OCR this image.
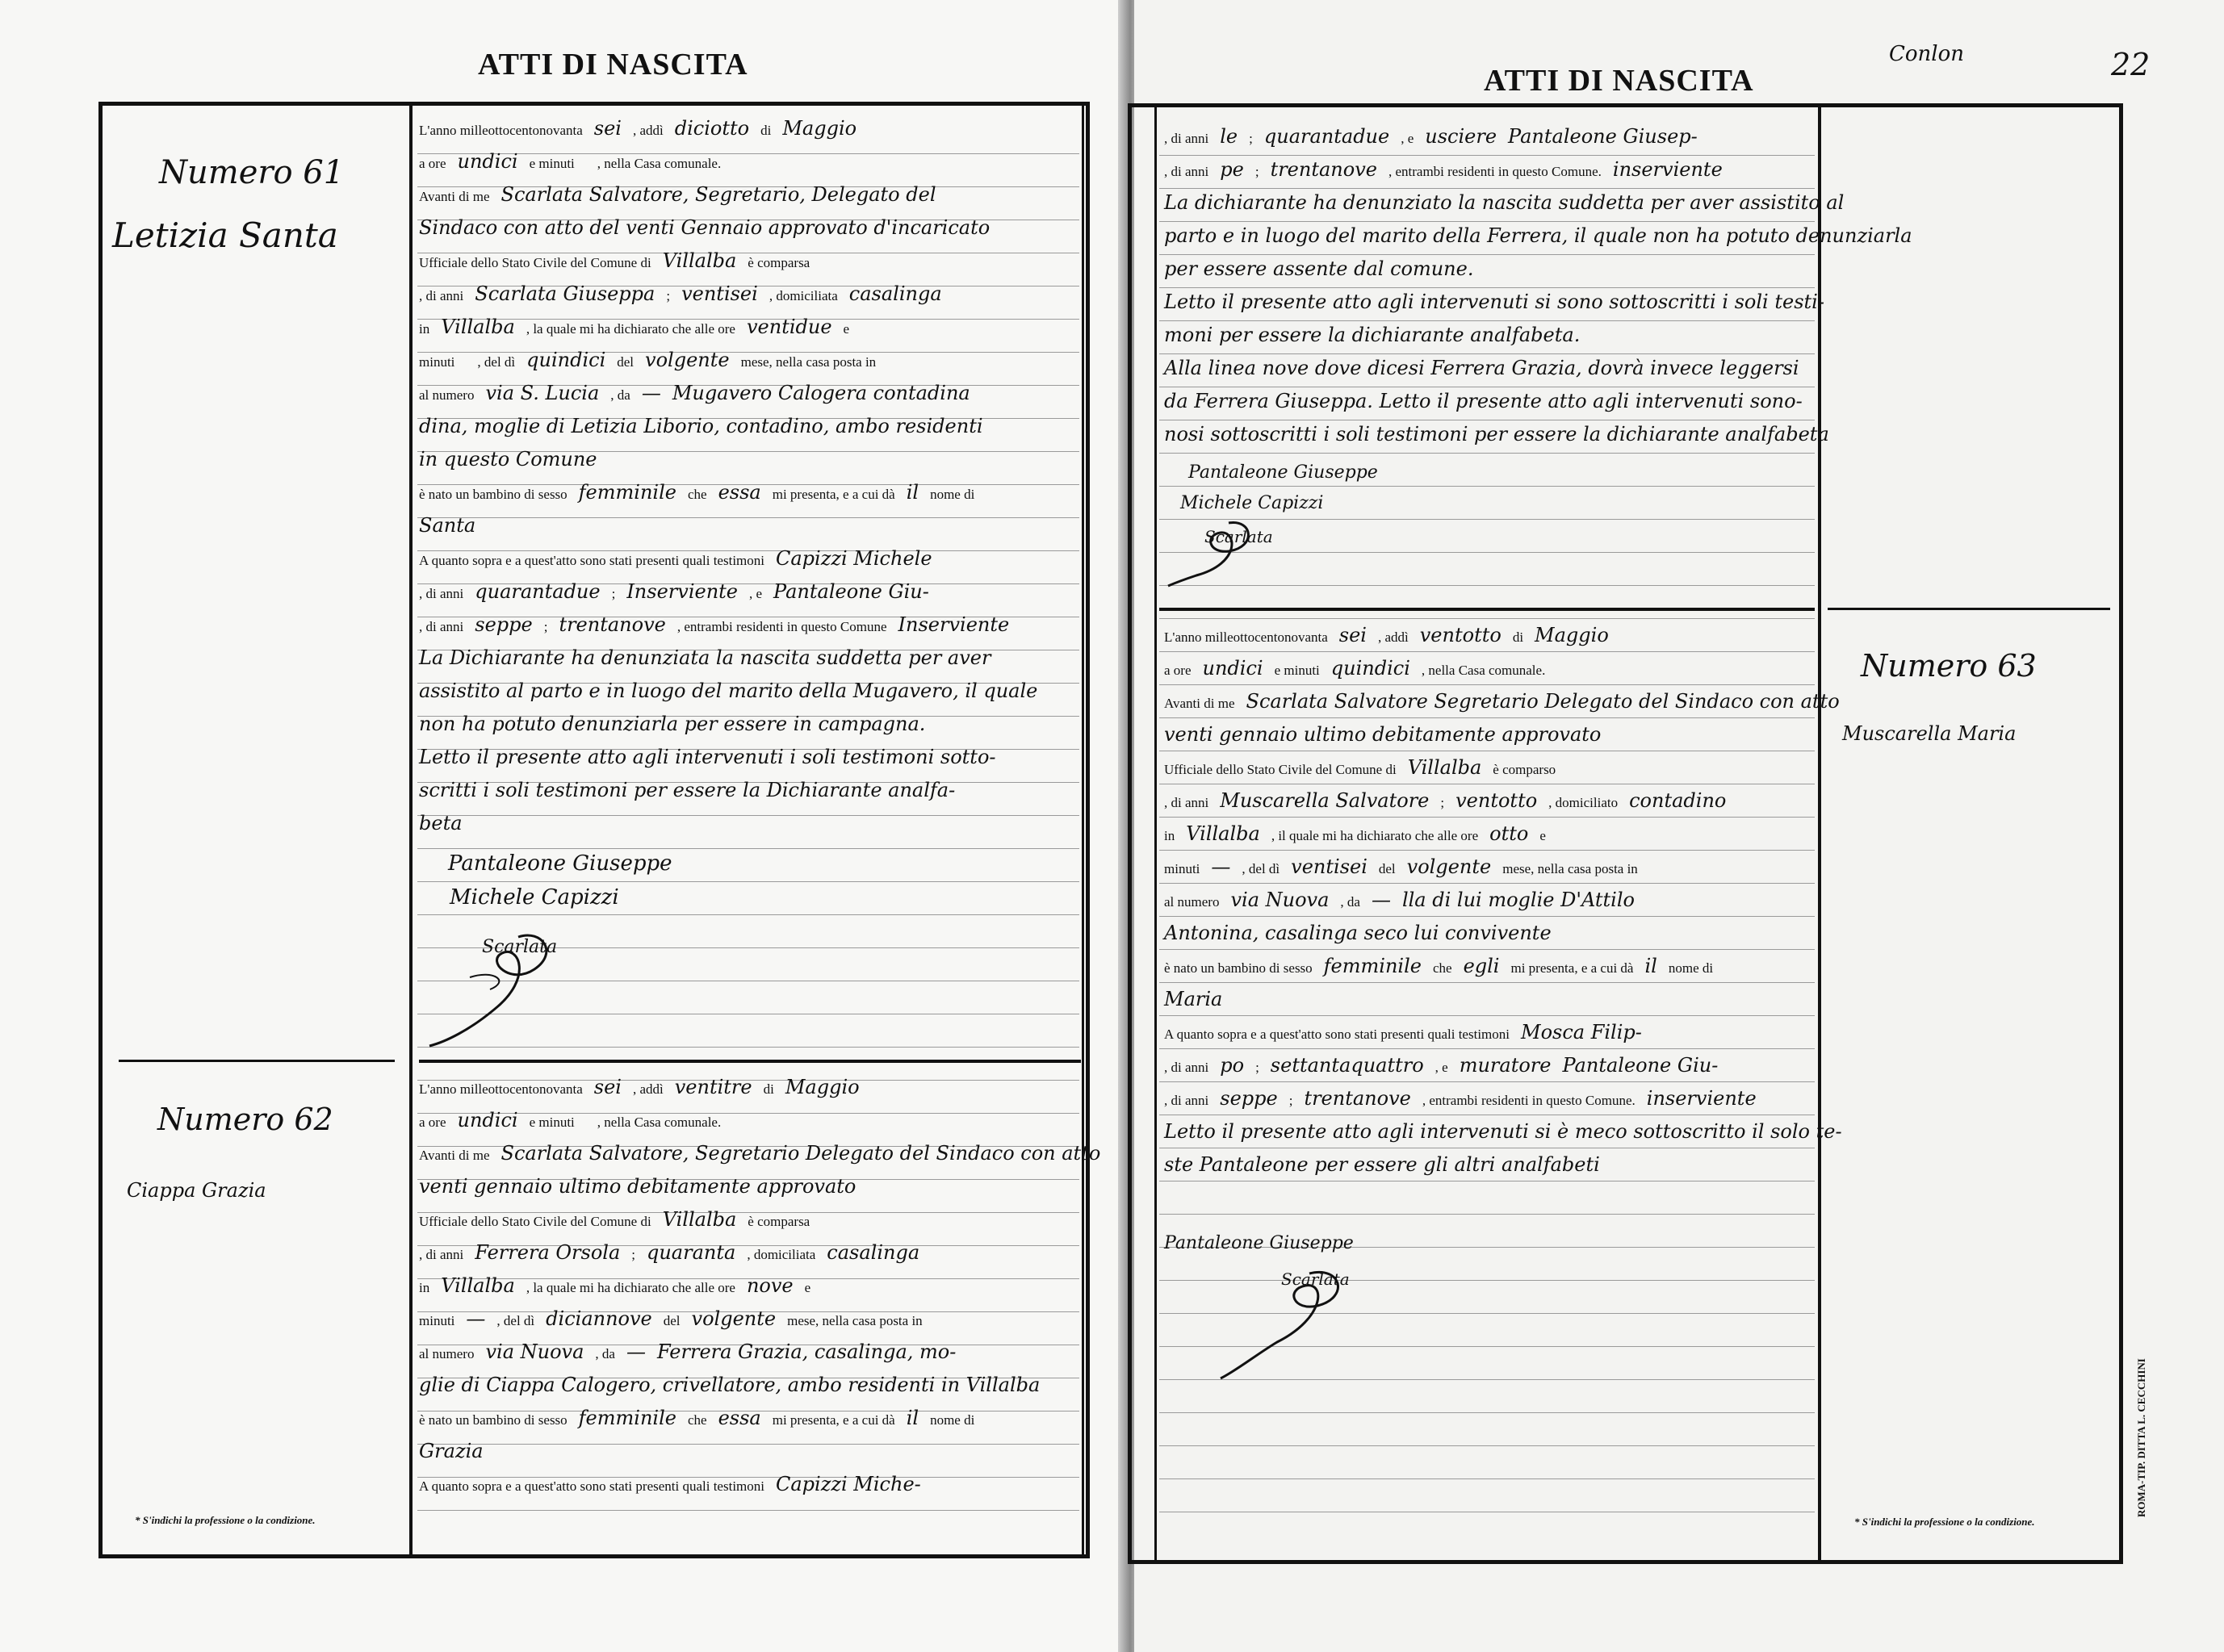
ATTI DI NASCITA
Numero 61
Letizia Santa
Numero 62
Ciappa Grazia
* S'indichi la professione o la condizione.
L'anno milleottocentonovanta sei , addì diciotto di Maggio
a ore undici e minuti , nella Casa comunale.
Avanti di me Scarlata Salvatore, Segretario, Delegato del
Sindaco con atto del venti Gennaio approvato d'incaricato
Ufficiale dello Stato Civile del Comune di Villalba è comparsa
, di anni Scarlata Giuseppa ; ventisei , domiciliata casalinga
in Villalba , la quale mi ha dichiarato che alle ore ventidue e
minuti , del dì quindici del volgente mese, nella casa posta in
al numero via S. Lucia , da — Mugavero Calogera contadina
dina, moglie di Letizia Liborio, contadino, ambo residenti
in questo Comune
è nato un bambino di sesso femminile che essa mi presenta, e a cui dà il nome di
Santa
A quanto sopra e a quest'atto sono stati presenti quali testimoni Capizzi Michele
, di anni quarantadue ; Inserviente , e Pantaleone Giu-
, di anni seppe ; trentanove , entrambi residenti in questo Comune Inserviente
La Dichiarante ha denunziata la nascita suddetta per aver
assistito al parto e in luogo del marito della Mugavero, il quale
non ha potuto denunziarla per essere in campagna.
Letto il presente atto agli intervenuti i soli testimoni sotto-
scritti i soli testimoni per essere la Dichiarante analfa-
beta
Pantaleone Giuseppe
Michele Capizzi
Scarlata
L'anno milleottocentonovanta sei , addì ventitre di Maggio
a ore undici e minuti , nella Casa comunale.
Avanti di me Scarlata Salvatore, Segretario Delegato del Sindaco con atto
venti gennaio ultimo debitamente approvato
Ufficiale dello Stato Civile del Comune di Villalba è comparsa
, di anni Ferrera Orsola ; quaranta , domiciliata casalinga
in Villalba , la quale mi ha dichiarato che alle ore nove e
minuti — , del dì diciannove del volgente mese, nella casa posta in
al numero via Nuova , da — Ferrera Grazia, casalinga, mo-
glie di Ciappa Calogero, crivellatore, ambo residenti in Villalba
è nato un bambino di sesso femminile che essa mi presenta, e a cui dà il nome di
Grazia
A quanto sopra e a quest'atto sono stati presenti quali testimoni Capizzi Miche-
ATTI DI NASCITA
Conlon	22
, di anni le ; quarantadue , e usciere Pantaleone Giusep-
, di anni pe ; trentanove , entrambi residenti in questo Comune. inserviente
La dichiarante ha denunziato la nascita suddetta per aver assistito al
parto e in luogo del marito della Ferrera, il quale non ha potuto denunziarla
per essere assente dal comune.
Letto il presente atto agli intervenuti si sono sottoscritti i soli testi-
moni per essere la dichiarante analfabeta.
Alla linea nove dove dicesi Ferrera Grazia, dovrà invece leggersi
da Ferrera Giuseppa. Letto il presente atto agli intervenuti sono-
nosi sottoscritti i soli testimoni per essere la dichiarante analfabeta
Pantaleone Giuseppe
Michele Capizzi
Scarlata
Numero 63
Muscarella Maria
L'anno milleottocentonovanta sei , addì ventotto di Maggio
a ore undici e minuti quindici , nella Casa comunale.
Avanti di me Scarlata Salvatore Segretario Delegato del Sindaco con atto
venti gennaio ultimo debitamente approvato
Ufficiale dello Stato Civile del Comune di Villalba è comparso
, di anni Muscarella Salvatore ; ventotto , domiciliato contadino
in Villalba , il quale mi ha dichiarato che alle ore otto e
minuti — , del dì ventisei del volgente mese, nella casa posta in
al numero via Nuova , da — lla di lui moglie D'Attilo
Antonina, casalinga seco lui convivente
è nato un bambino di sesso femminile che egli mi presenta, e a cui dà il nome di
Maria
A quanto sopra e a quest'atto sono stati presenti quali testimoni Mosca Filip-
, di anni po ; settantaquattro , e muratore Pantaleone Giu-
, di anni seppe ; trentanove , entrambi residenti in questo Comune. inserviente
Letto il presente atto agli intervenuti si è meco sottoscritto il solo te-
ste Pantaleone per essere gli altri analfabeti
Pantaleone Giuseppe
Scarlata
* S'indichi la professione o la condizione.
ROMA-TIP. DITTA L. CECCHINI
